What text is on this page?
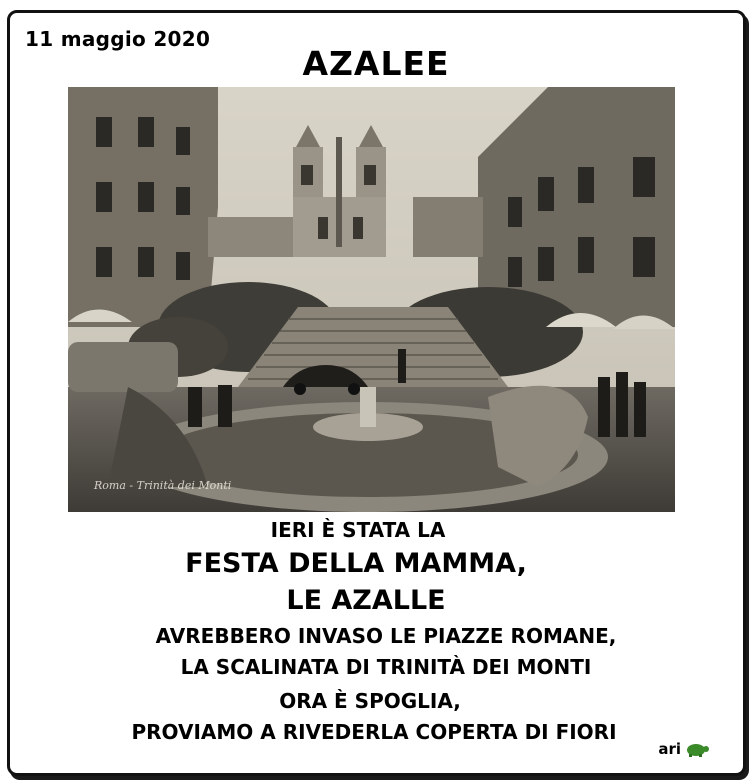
11 maggio 2020
AZALEE
Roma - Trinità dei Monti
IERI È STATA LA
FESTA DELLA MAMMA,
LE AZALLE
AVREBBERO INVASO LE PIAZZE ROMANE,
LA SCALINATA DI TRINITÀ DEI MONTI
ORA È SPOGLIA,
PROVIAMO A RIVEDERLA COPERTA DI FIORI
ari
